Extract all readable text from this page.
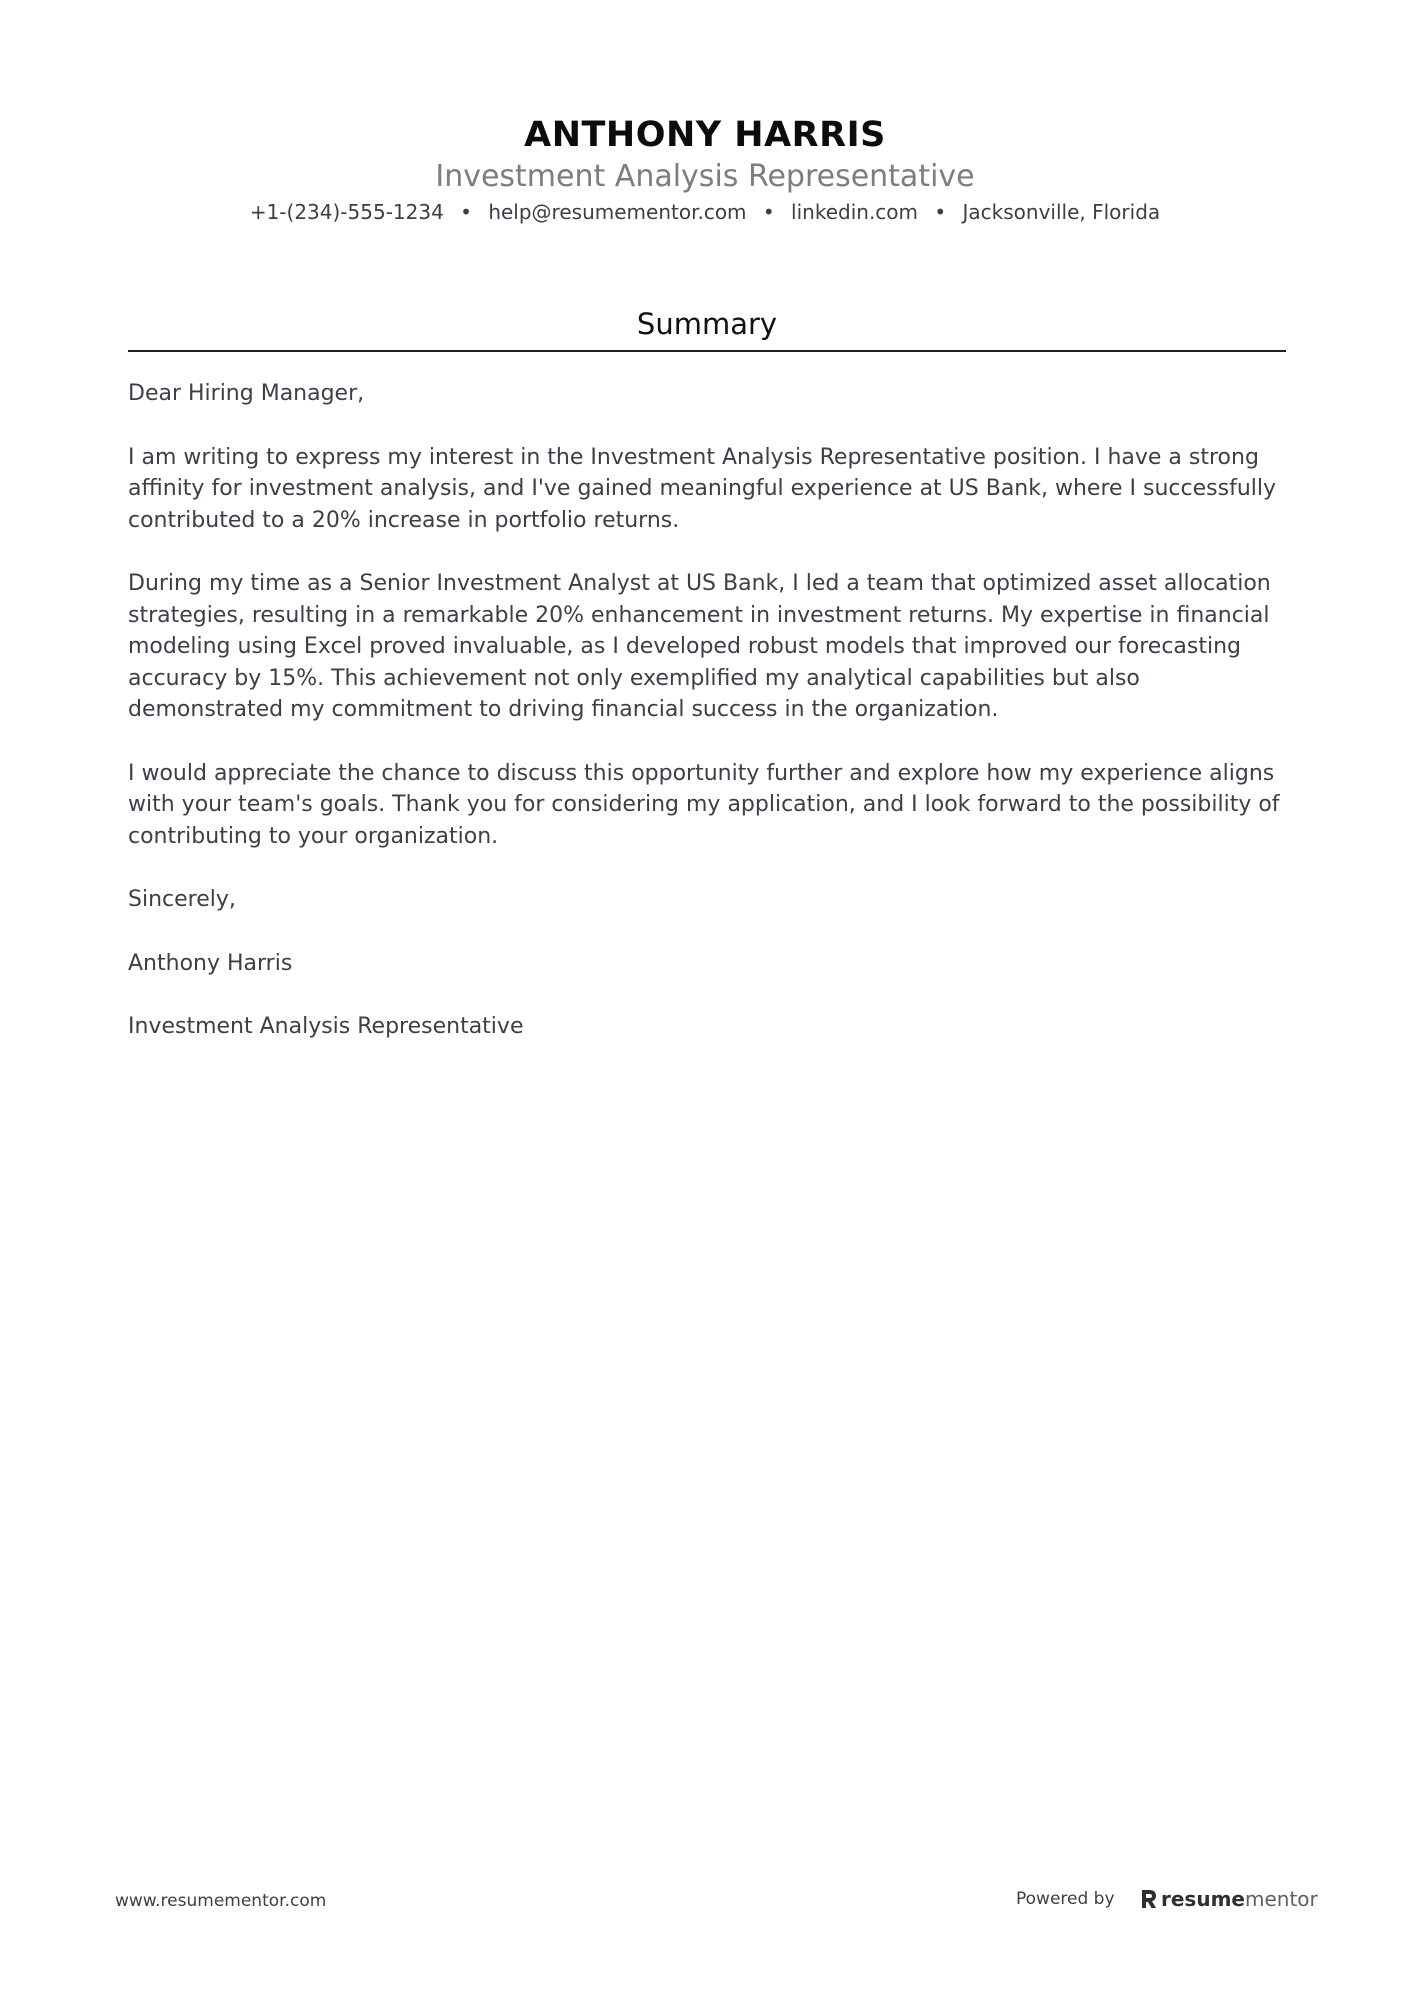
ANTHONY HARRIS
Investment Analysis Representative
+1-(234)-555-1234 • help@resumementor.com • linkedin.com • Jacksonville, Florida
Summary

Dear Hiring Manager,

I am writing to express my interest in the Investment Analysis Representative position. I have a strong affinity for investment analysis, and I've gained meaningful experience at US Bank, where I successfully contributed to a 20% increase in portfolio returns.

During my time as a Senior Investment Analyst at US Bank, I led a team that optimized asset allocation strategies, resulting in a remarkable 20% enhancement in investment returns. My expertise in financial modeling using Excel proved invaluable, as I developed robust models that improved our forecasting accuracy by 15%. This achievement not only exemplified my analytical capabilities but also demonstrated my commitment to driving financial success in the organization.

I would appreciate the chance to discuss this opportunity further and explore how my experience aligns with your team's goals. Thank you for considering my application, and I look forward to the possibility of contributing to your organization.

Sincerely,

Anthony Harris

Investment Analysis Representative

www.resumementor.com	Powered by resumementor
